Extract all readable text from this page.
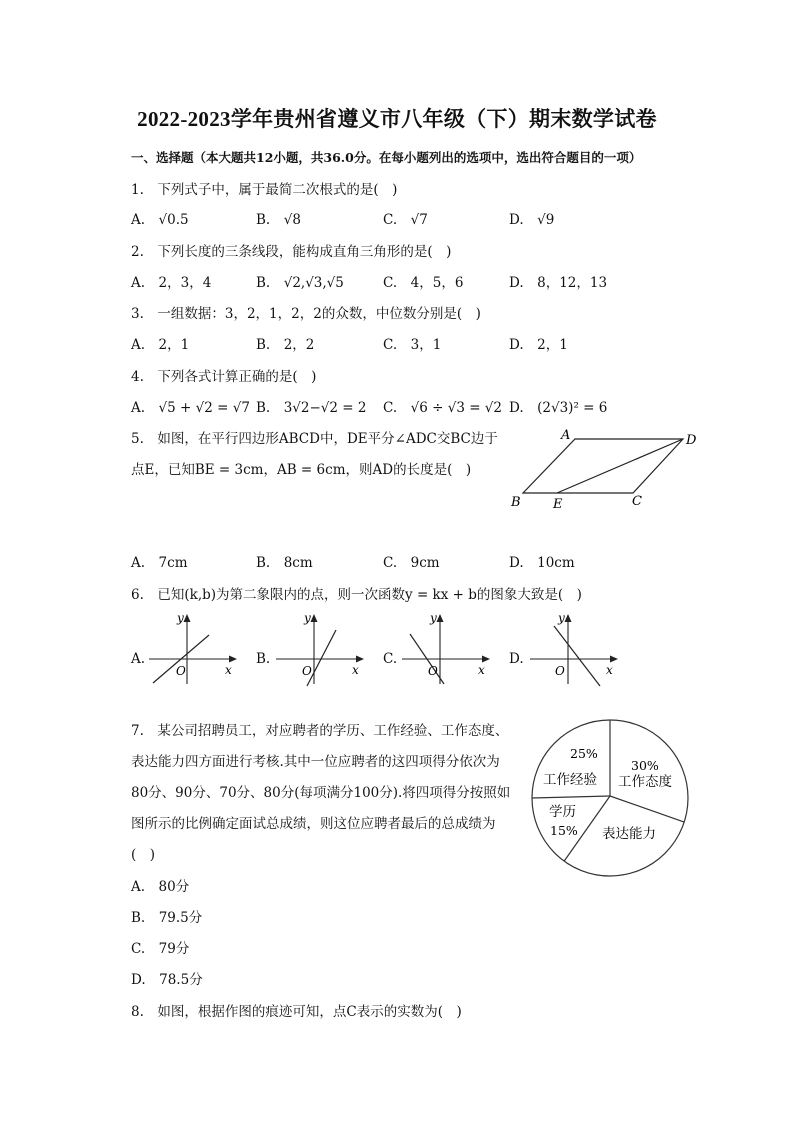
2022-2023学年贵州省遵义市八年级（下）期末数学试卷
一、选择题（本大题共12小题，共36.0分。在每小题列出的选项中，选出符合题目的一项）
1.　下列式子中，属于最简二次根式的是(　)
A.　√0.5	B.　√8	C.　√7	D.　√9
2.　下列长度的三条线段，能构成直角三角形的是(　)
A.　2，3，4	B.　√2,√3,√5	C.　4，5，6	D.　8，12，13
3.　一组数据：3，2，1，2，2的众数，中位数分别是(　)
A.　2，1	B.　2，2	C.　3，1	D.　2，1
4.　下列各式计算正确的是(　)
A.　√5 + √2 = √7 B.　3√2−√2 = 2 C.　√6 ÷ √3 = √2 D.　(2√3)² = 6
5.　如图，在平行四边形ABCD中，DE平分∠ADC交BC边于
点E，已知BE = 3cm，AB = 6cm，则AD的长度是(　)
A	D
B E	C
A.　7cm	B.　8cm	C.　9cm	D.　10cm
6.　已知(k,b)为第二象限内的点，则一次函数y = kx + b的图象大致是(　)
A.
y
x
O
B.
y
x
O
C.
y
x
O
D.
y
x
O
7.　某公司招聘员工，对应聘者的学历、工作经验、工作态度、
表达能力四方面进行考核.其中一位应聘者的这四项得分依次为
80分、90分、70分、80分(每项满分100分).将四项得分按照如
图所示的比例确定面试总成绩，则这位应聘者最后的总成绩为
(　)
25%
工作经验
30%
工作态度
学历
15% 表达能力
A.　80分
B.　79.5分
C.　79分
D.　78.5分
8.　如图，根据作图的痕迹可知，点C表示的实数为(　)
